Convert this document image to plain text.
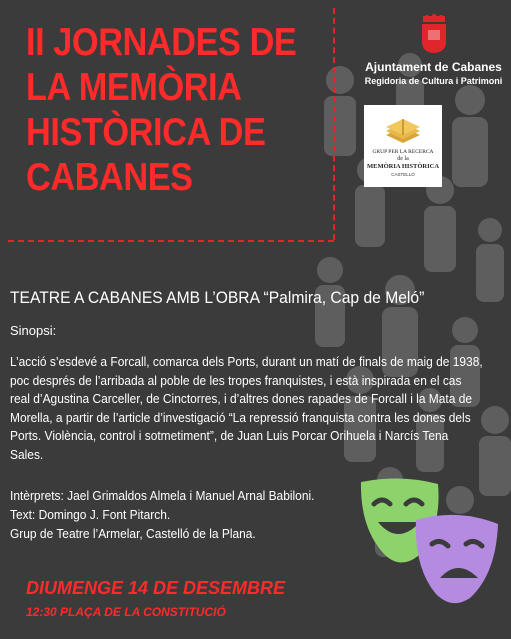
II JORNADES DE
LA MEMÒRIA
HISTÒRICA DE
CABANES
Ajuntament de Cabanes
Regidoria de Cultura i Patrimoni
GRUP PER LA RECERCA
de la
MEMÒRIA HISTÒRICA
CASTELLÓ
TEATRE A CABANES AMB L’OBRA “Palmira, Cap de Meló”
Sinopsi:
L’acció s’esdevé a Forcall, comarca dels Ports, durant un matí de finals de maig de 1938,
poc després de l’arribada al poble de les tropes franquistes, i està inspirada en el cas
real d’Agustina Carceller, de Cinctorres, i d’altres dones rapades de Forcall i la Mata de
Morella, a partir de l’article d’investigació “La repressió franquista contra les dones dels
Ports. Violència, control i sotmetiment”, de Juan Luis Porcar Orihuela i Narcís Tena
Sales.
Intèrprets: Jael Grimaldos Almela i Manuel Arnal Babiloni.
Text: Domingo J. Font Pitarch.
Grup de Teatre l’Armelar, Castelló de la Plana.
DIUMENGE 14 DE DESEMBRE
12:30 PLAÇA DE LA CONSTITUCIÓ
